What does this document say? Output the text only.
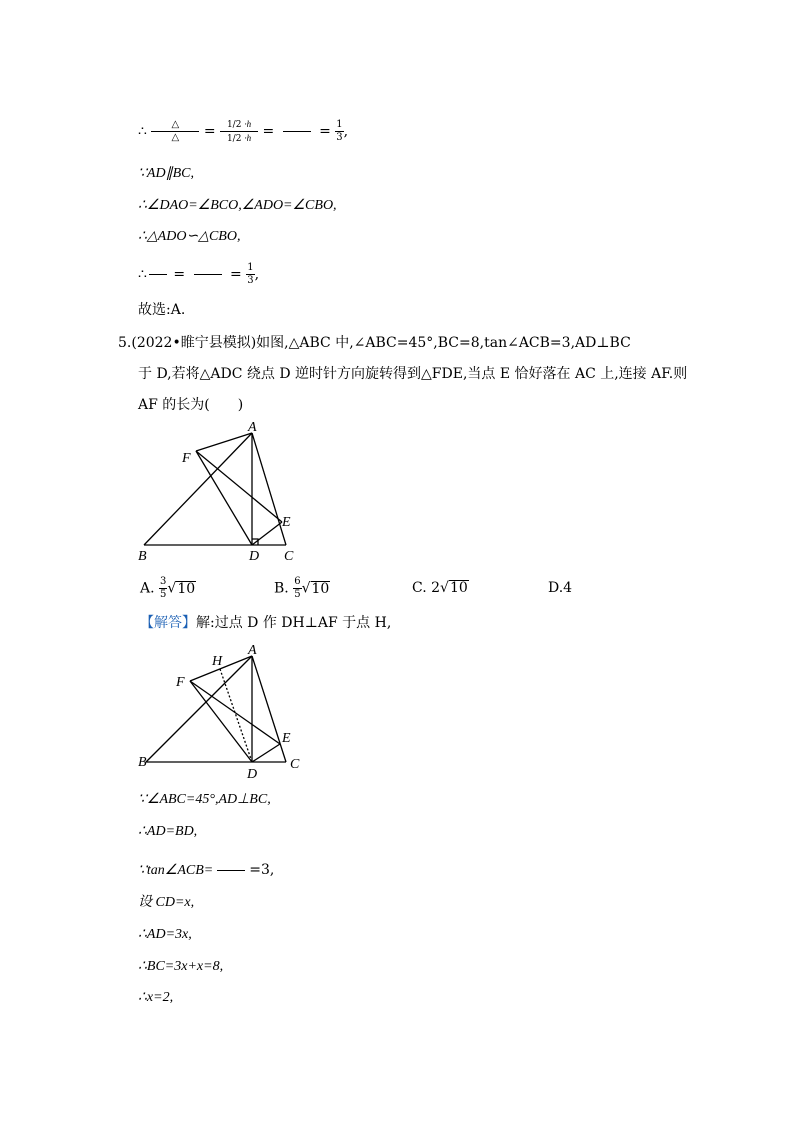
∴ $\frac{\triangle}{\triangle} = \frac{1/2 \cdot h}{1/2 \cdot h}$ =	= $\frac{1}{3}$ ,
∵AD∥BC,
∴∠DAO=∠BCO,∠ADO=∠CBO,
∴△ADO∽△CBO,
∴ =	= $\frac{1}{3}$ ,
故选:A.
5.(2022•睢宁县模拟)如图,△ABC 中,∠ABC=45°,BC=8,tan∠ACB=3,AD⊥BC
于 D,若将△ADC 绕点 D 逆时针方向旋转得到△FDE,当点 E 恰好落在 AC 上,连接 AF.则
AF 的长为(　　)
A
F
E
B	D C
A. $\frac{3}{5} √10$	B. $\frac{6}{5} √10$	C. 2√10	D.4
【解答】解:过点 D 作 DH⊥AF 于点 H,
A
H
F
E
B
D
C
∵∠ABC=45°,AD⊥BC,
∴AD=BD,
∵tan∠ACB=	=3,
设 CD=x,
∴AD=3x,
∴BC=3x+x=8,
∴x=2,
